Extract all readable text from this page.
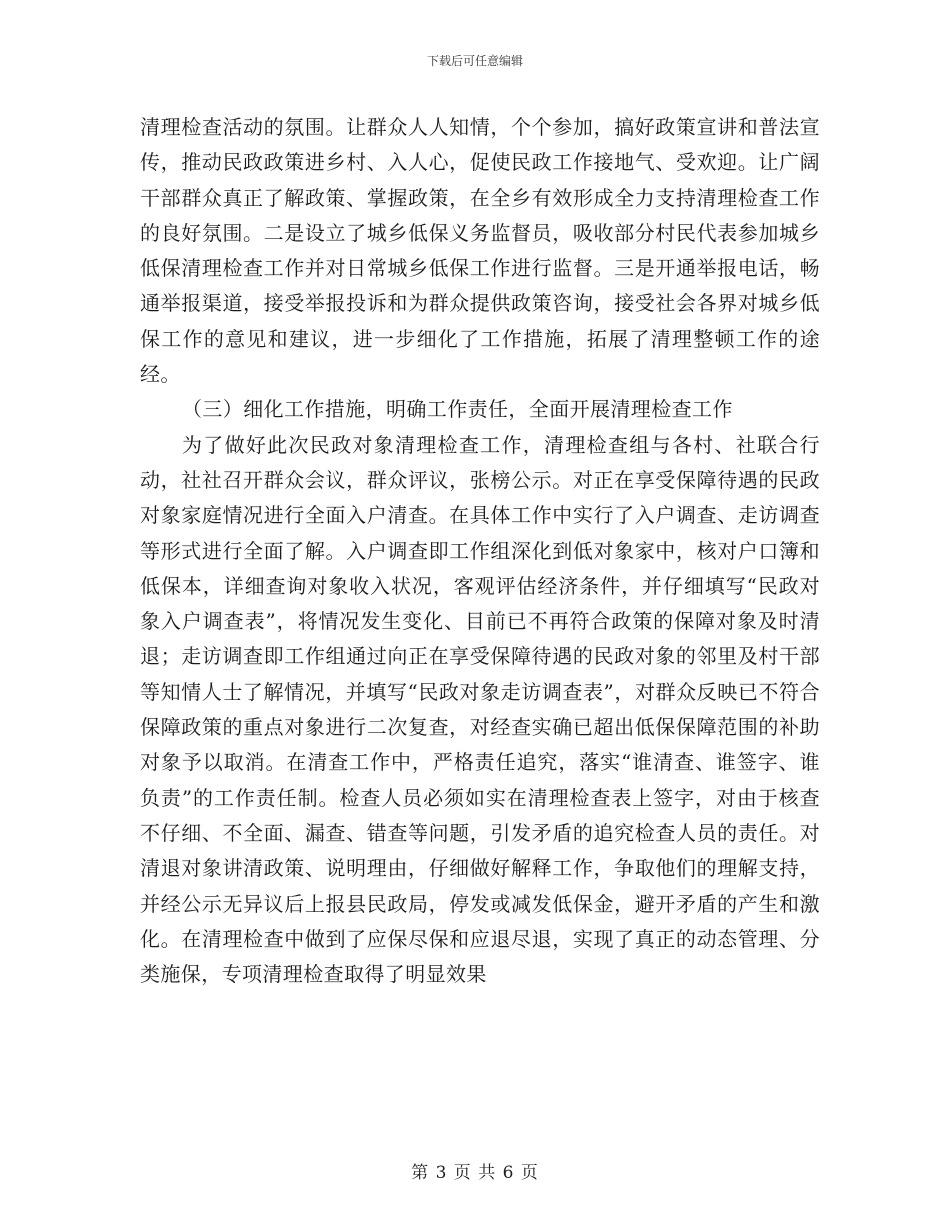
下载后可任意编辑

清理检查活动的氛围。让群众人人知情，个个参加，搞好政策宣讲和普法宣传，推动民政政策进乡村、入人心，促使民政工作接地气、受欢迎。让广阔干部群众真正了解政策、掌握政策，在全乡有效形成全力支持清理检查工作的良好氛围。二是设立了城乡低保义务监督员，吸收部分村民代表参加城乡低保清理检查工作并对日常城乡低保工作进行监督。三是开通举报电话，畅通举报渠道，接受举报投诉和为群众提供政策咨询，接受社会各界对城乡低保工作的意见和建议，进一步细化了工作措施，拓展了清理整顿工作的途经。

（三）细化工作措施，明确工作责任，全面开展清理检查工作

为了做好此次民政对象清理检查工作，清理检查组与各村、社联合行动，社社召开群众会议，群众评议，张榜公示。对正在享受保障待遇的民政对象家庭情况进行全面入户清查。在具体工作中实行了入户调查、走访调查等形式进行全面了解。入户调查即工作组深化到低对象家中，核对户口簿和低保本，详细查询对象收入状况，客观评估经济条件，并仔细填写“民政对象入户调查表”，将情况发生变化、目前已不再符合政策的保障对象及时清退；走访调查即工作组通过向正在享受保障待遇的民政对象的邻里及村干部等知情人士了解情况，并填写“民政对象走访调查表”，对群众反映已不符合保障政策的重点对象进行二次复查，对经查实确已超出低保保障范围的补助对象予以取消。在清查工作中，严格责任追究，落实“谁清查、谁签字、谁负责”的工作责任制。检查人员必须如实在清理检查表上签字，对由于核查不仔细、不全面、漏查、错查等问题，引发矛盾的追究检查人员的责任。对清退对象讲清政策、说明理由，仔细做好解释工作，争取他们的理解支持，并经公示无异议后上报县民政局，停发或减发低保金，避开矛盾的产生和激化。在清理检查中做到了应保尽保和应退尽退，实现了真正的动态管理、分类施保，专项清理检查取得了明显效果

第 3 页 共 6 页
